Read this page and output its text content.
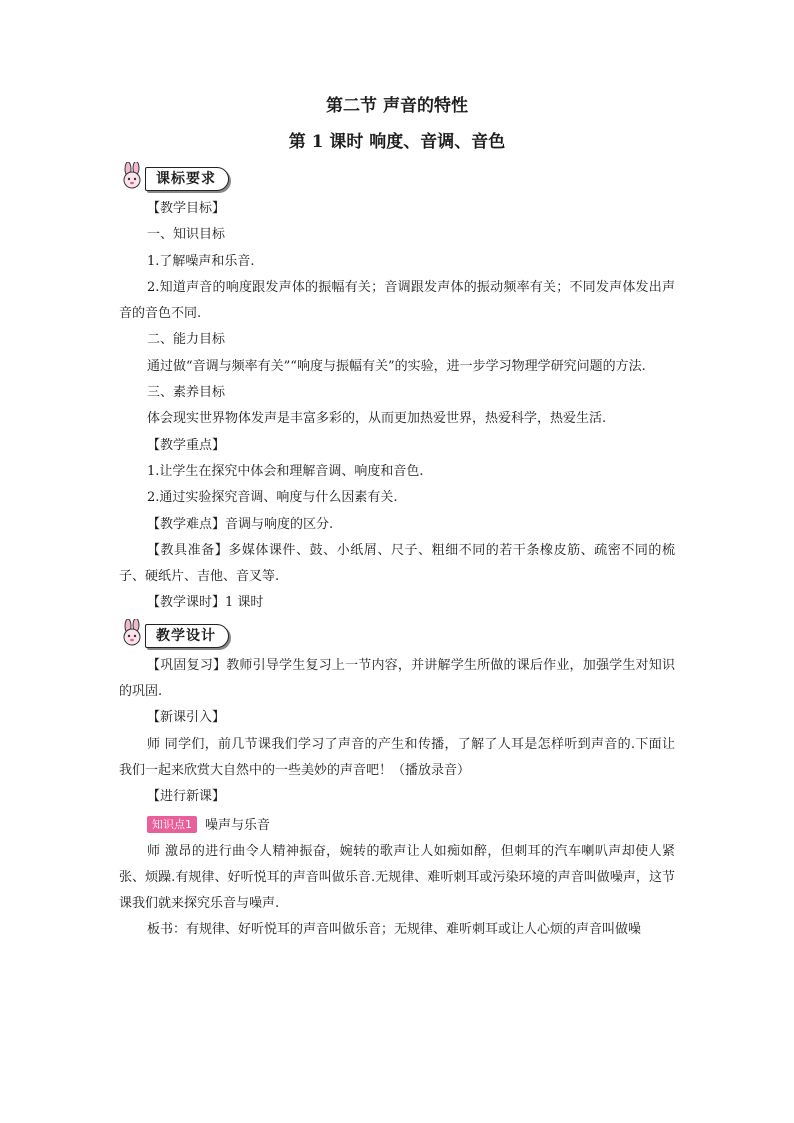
第二节 声音的特性
第 1 课时 响度、音调、音色
课标要求

【教学目标】

一、知识目标

1.了解噪声和乐音.

2.知道声音的响度跟发声体的振幅有关；音调跟发声体的振动频率有关；不同发声体发出声音的音色不同.

二、能力目标

通过做“音调与频率有关”“响度与振幅有关”的实验，进一步学习物理学研究问题的方法.

三、素养目标

体会现实世界物体发声是丰富多彩的，从而更加热爱世界，热爱科学，热爱生活.

【教学重点】

1.让学生在探究中体会和理解音调、响度和音色.

2.通过实验探究音调、响度与什么因素有关.

【教学难点】音调与响度的区分.

【教具准备】多媒体课件、鼓、小纸屑、尺子、粗细不同的若干条橡皮筋、疏密不同的梳子、硬纸片、吉他、音叉等.

【教学课时】1 课时

教学设计

【巩固复习】教师引导学生复习上一节内容，并讲解学生所做的课后作业，加强学生对知识的巩固.

【新课引入】

师 同学们，前几节课我们学习了声音的产生和传播，了解了人耳是怎样听到声音的.下面让我们一起来欣赏大自然中的一些美妙的声音吧！（播放录音）

【进行新课】

知识点1 噪声与乐音

师 激昂的进行曲令人精神振奋，婉转的歌声让人如痴如醉，但刺耳的汽车喇叭声却使人紧张、烦躁.有规律、好听悦耳的声音叫做乐音.无规律、难听刺耳或污染环境的声音叫做噪声，这节课我们就来探究乐音与噪声.

板书：有规律、好听悦耳的声音叫做乐音；无规律、难听刺耳或让人心烦的声音叫做噪
